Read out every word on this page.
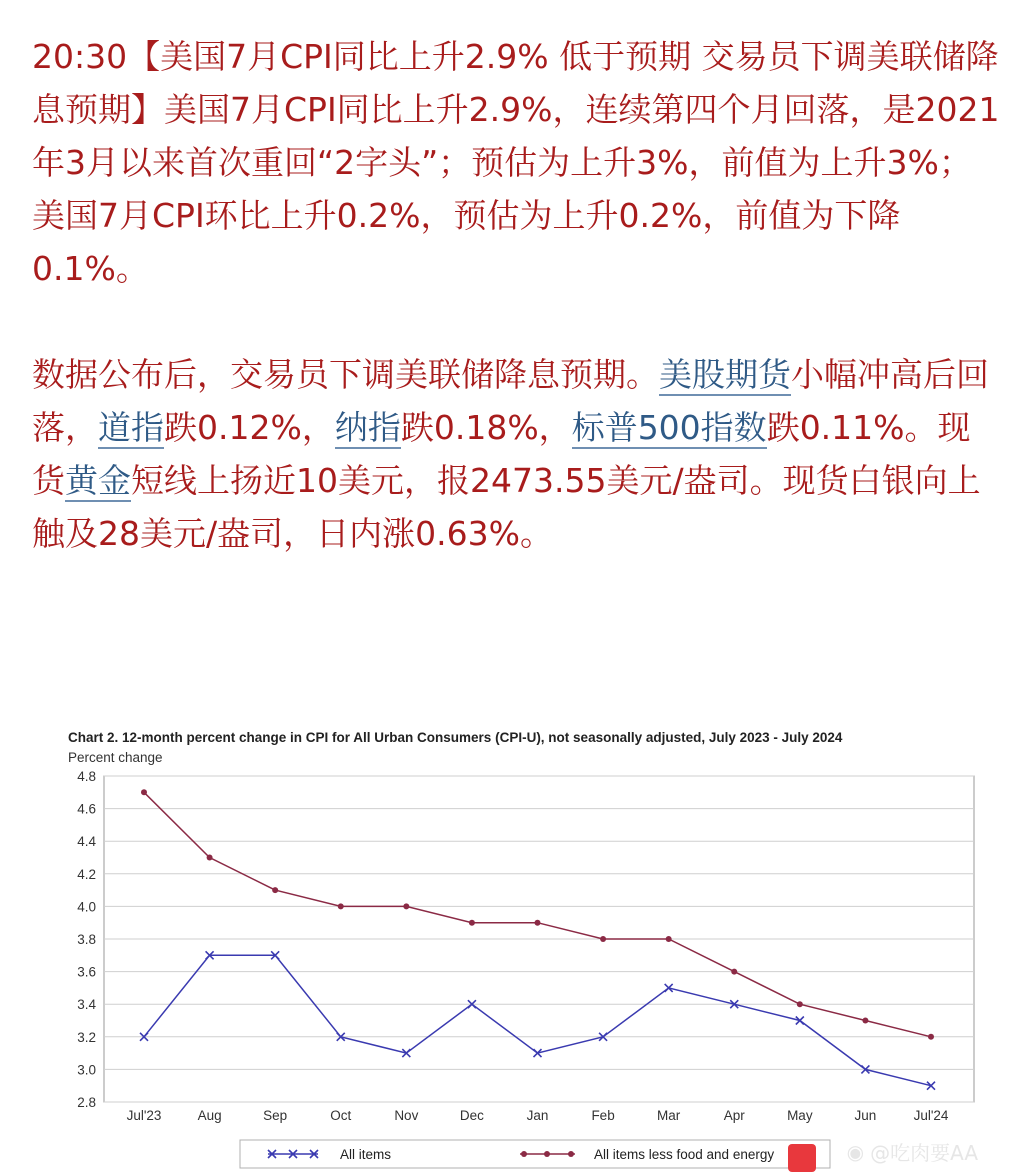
20:30【美国7月CPI同比上升2.9% 低于预期 交易员下调美联储降息预期】美国7月CPI同比上升2.9%，连续第四个月回落，是2021年3月以来首次重回“2字头”；预估为上升3%，前值为上升3%；美国7月CPI环比上升0.2%，预估为上升0.2%，前值为下降0.1%。

数据公布后，交易员下调美联储降息预期。美股期货小幅冲高后回落，道指跌0.12%，纳指跌0.18%，标普500指数跌0.11%。现货黄金短线上扬近10美元，报2473.55美元/盎司。现货白银向上触及28美元/盎司，日内涨0.63%。

Chart 2. 12-month percent change in CPI for All Urban Consumers (CPI-U), not seasonally adjusted, July 2023 - July 2024
Percent change
4.8
4.6
4.4
4.2
4.0
3.8
3.6
3.4
3.2
3.0
2.8
Jul'23	Aug	Sep	Oct	Nov	Dec	Jan	Feb	Mar	Apr	May	Jun	Jul'24
All items	All items less food and energy	◉ @吃肉要AA
